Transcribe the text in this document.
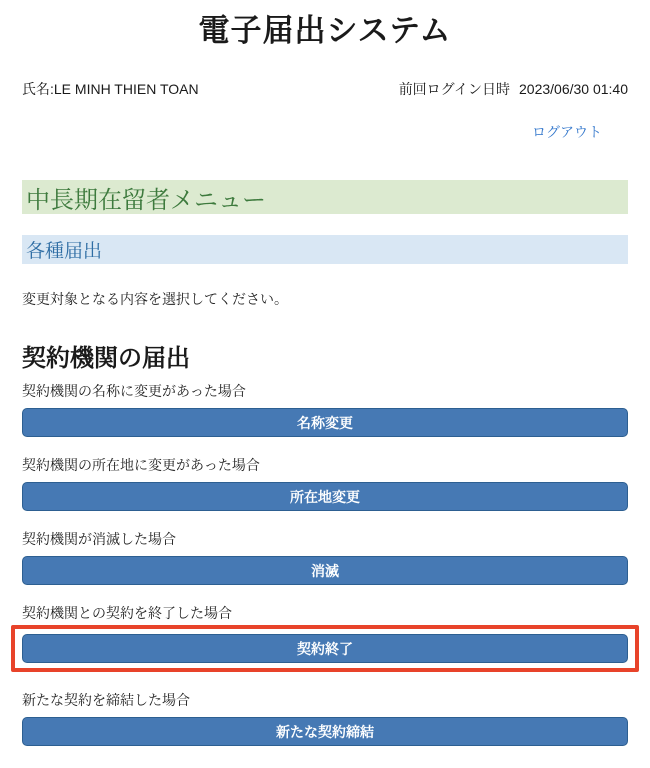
電子届出システム
氏名:LE MINH THIEN TOAN	前回ログイン日時 2023/06/30 01:40
ログアウト
中長期在留者メニュー
各種届出

変更対象となる内容を選択してください。

契約機関の届出

契約機関の名称に変更があった場合

名称変更

契約機関の所在地に変更があった場合

所在地変更

契約機関が消滅した場合

消滅

契約機関との契約を終了した場合

契約終了

新たな契約を締結した場合

新たな契約締結
